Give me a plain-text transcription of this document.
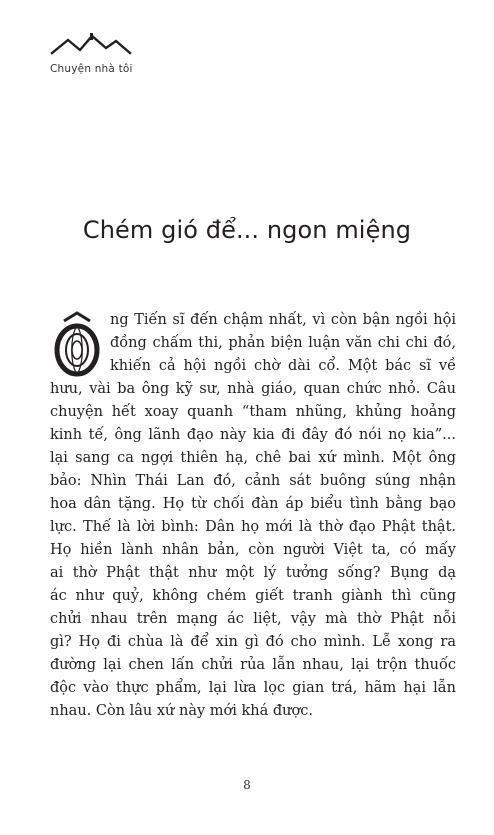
Chuyện nhà tôi
Chém gió để... ngon miệng
ng Tiến sĩ đến chậm nhất, vì còn bận ngồi hội
đồng chấm thi, phản biện luận văn chi chi đó,
khiến cả hội ngồi chờ dài cổ. Một bác sĩ về
hưu, vài ba ông kỹ sư, nhà giáo, quan chức nhỏ. Câu
chuyện hết xoay quanh “tham nhũng, khủng hoảng
kinh tế, ông lãnh đạo này kia đi đây đó nói nọ kia”...
lại sang ca ngợi thiên hạ, chê bai xứ mình. Một ông
bảo: Nhìn Thái Lan đó, cảnh sát buông súng nhận
hoa dân tặng. Họ từ chối đàn áp biểu tình bằng bạo
lực. Thế là lời bình: Dân họ mới là thờ đạo Phật thật.
Họ hiền lành nhân bản, còn người Việt ta, có mấy
ai thờ Phật thật như một lý tưởng sống? Bụng dạ
ác như quỷ, không chém giết tranh giành thì cũng
chửi nhau trên mạng ác liệt, vậy mà thờ Phật nỗi
gì? Họ đi chùa là để xin gì đó cho mình. Lễ xong ra
đường lại chen lấn chửi rủa lẫn nhau, lại trộn thuốc
độc vào thực phẩm, lại lừa lọc gian trá, hãm hại lẫn
nhau. Còn lâu xứ này mới khá được.
8
